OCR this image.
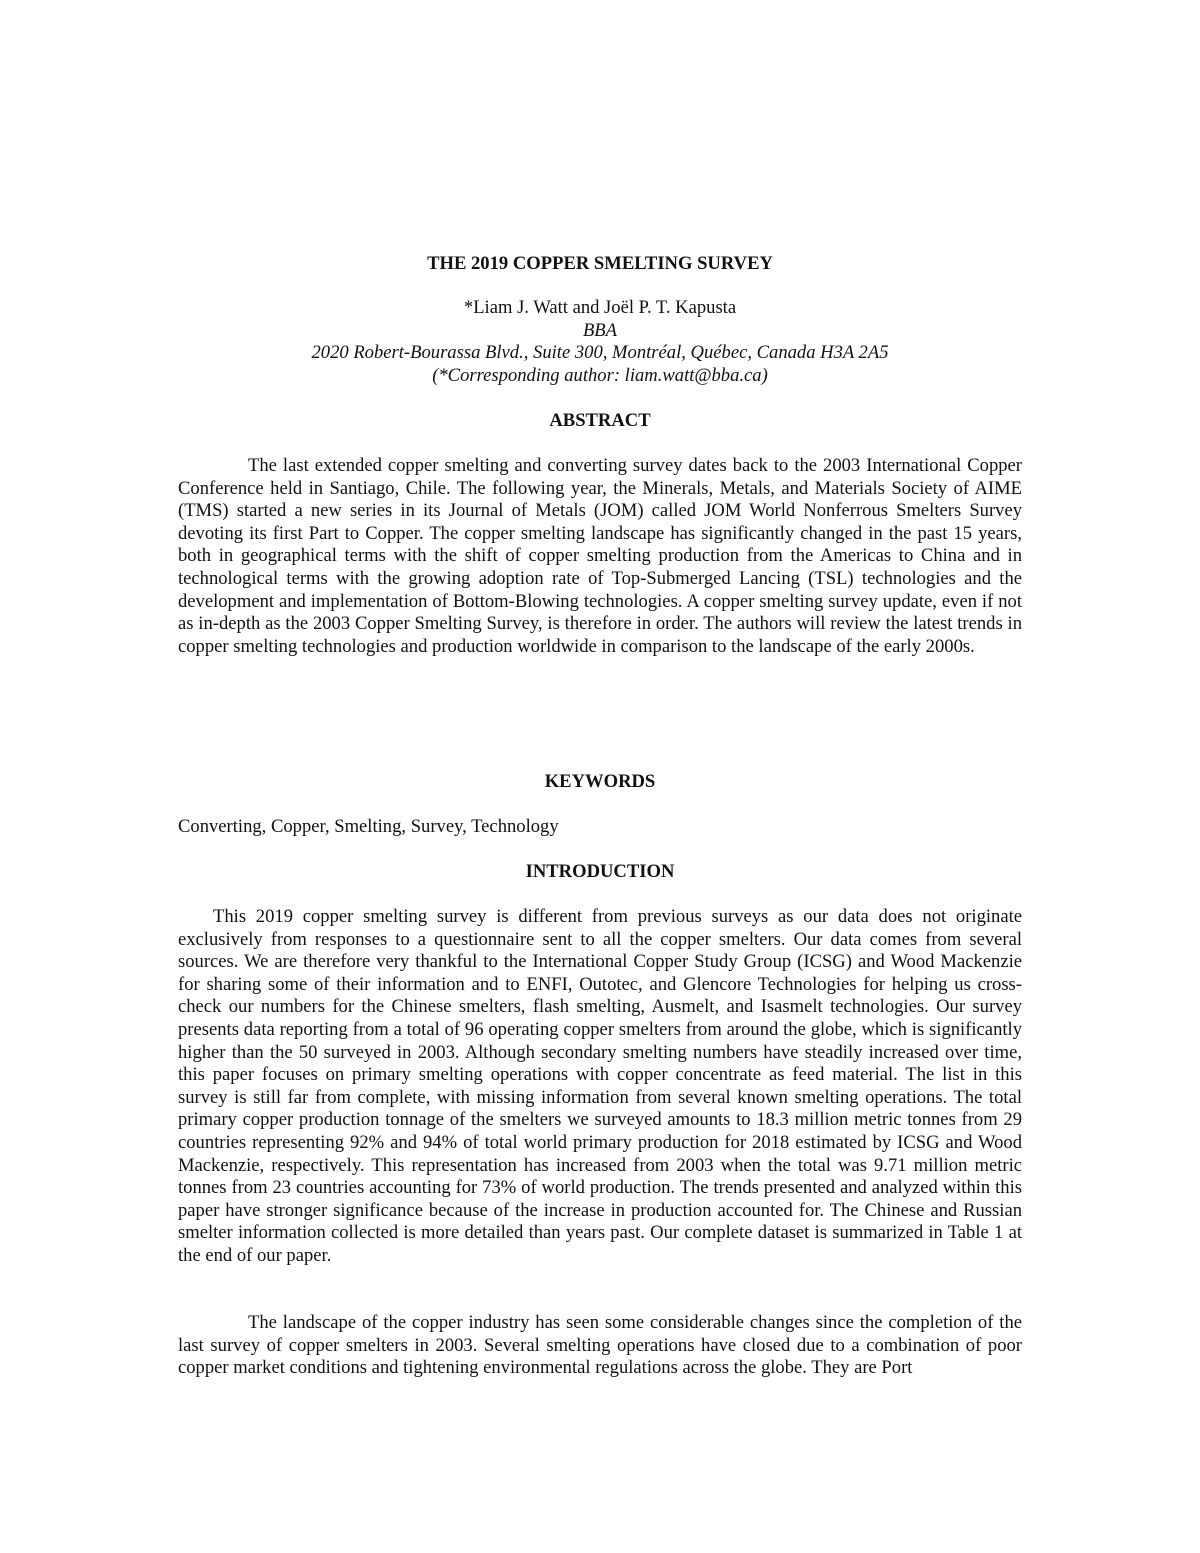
THE 2019 COPPER SMELTING SURVEY
*Liam J. Watt and Joël P. T. Kapusta
BBA
2020 Robert-Bourassa Blvd., Suite 300, Montréal, Québec, Canada H3A 2A5
(*Corresponding author: liam.watt@bba.ca)
ABSTRACT

The last extended copper smelting and converting survey dates back to the 2003 International Copper Conference held in Santiago, Chile. The following year, the Minerals, Metals, and Materials Society of AIME (TMS) started a new series in its Journal of Metals (JOM) called JOM World Nonferrous Smelters Survey devoting its first Part to Copper. The copper smelting landscape has significantly changed in the past 15 years, both in geographical terms with the shift of copper smelting production from the Americas to China and in technological terms with the growing adoption rate of Top-Submerged Lancing (TSL) technologies and the development and implementation of Bottom-Blowing technologies. A copper smelting survey update, even if not as in-depth as the 2003 Copper Smelting Survey, is therefore in order. The authors will review the latest trends in copper smelting technologies and production worldwide in comparison to the landscape of the early 2000s.

KEYWORDS

Converting, Copper, Smelting, Survey, Technology

INTRODUCTION

This 2019 copper smelting survey is different from previous surveys as our data does not originate exclusively from responses to a questionnaire sent to all the copper smelters. Our data comes from several sources. We are therefore very thankful to the International Copper Study Group (ICSG) and Wood Mackenzie for sharing some of their information and to ENFI, Outotec, and Glencore Technologies for helping us cross-check our numbers for the Chinese smelters, flash smelting, Ausmelt, and Isasmelt technologies. Our survey presents data reporting from a total of 96 operating copper smelters from around the globe, which is significantly higher than the 50 surveyed in 2003. Although secondary smelting numbers have steadily increased over time, this paper focuses on primary smelting operations with copper concentrate as feed material. The list in this survey is still far from complete, with missing information from several known smelting operations. The total primary copper production tonnage of the smelters we surveyed amounts to 18.3 million metric tonnes from 29 countries representing 92% and 94% of total world primary production for 2018 estimated by ICSG and Wood Mackenzie, respectively. This representation has increased from 2003 when the total was 9.71 million metric tonnes from 23 countries accounting for 73% of world production. The trends presented and analyzed within this paper have stronger significance because of the increase in production accounted for. The Chinese and Russian smelter information collected is more detailed than years past. Our complete dataset is summarized in Table 1 at the end of our paper.

The landscape of the copper industry has seen some considerable changes since the completion of the last survey of copper smelters in 2003. Several smelting operations have closed due to a combination of poor copper market conditions and tightening environmental regulations across the globe. They are Port
